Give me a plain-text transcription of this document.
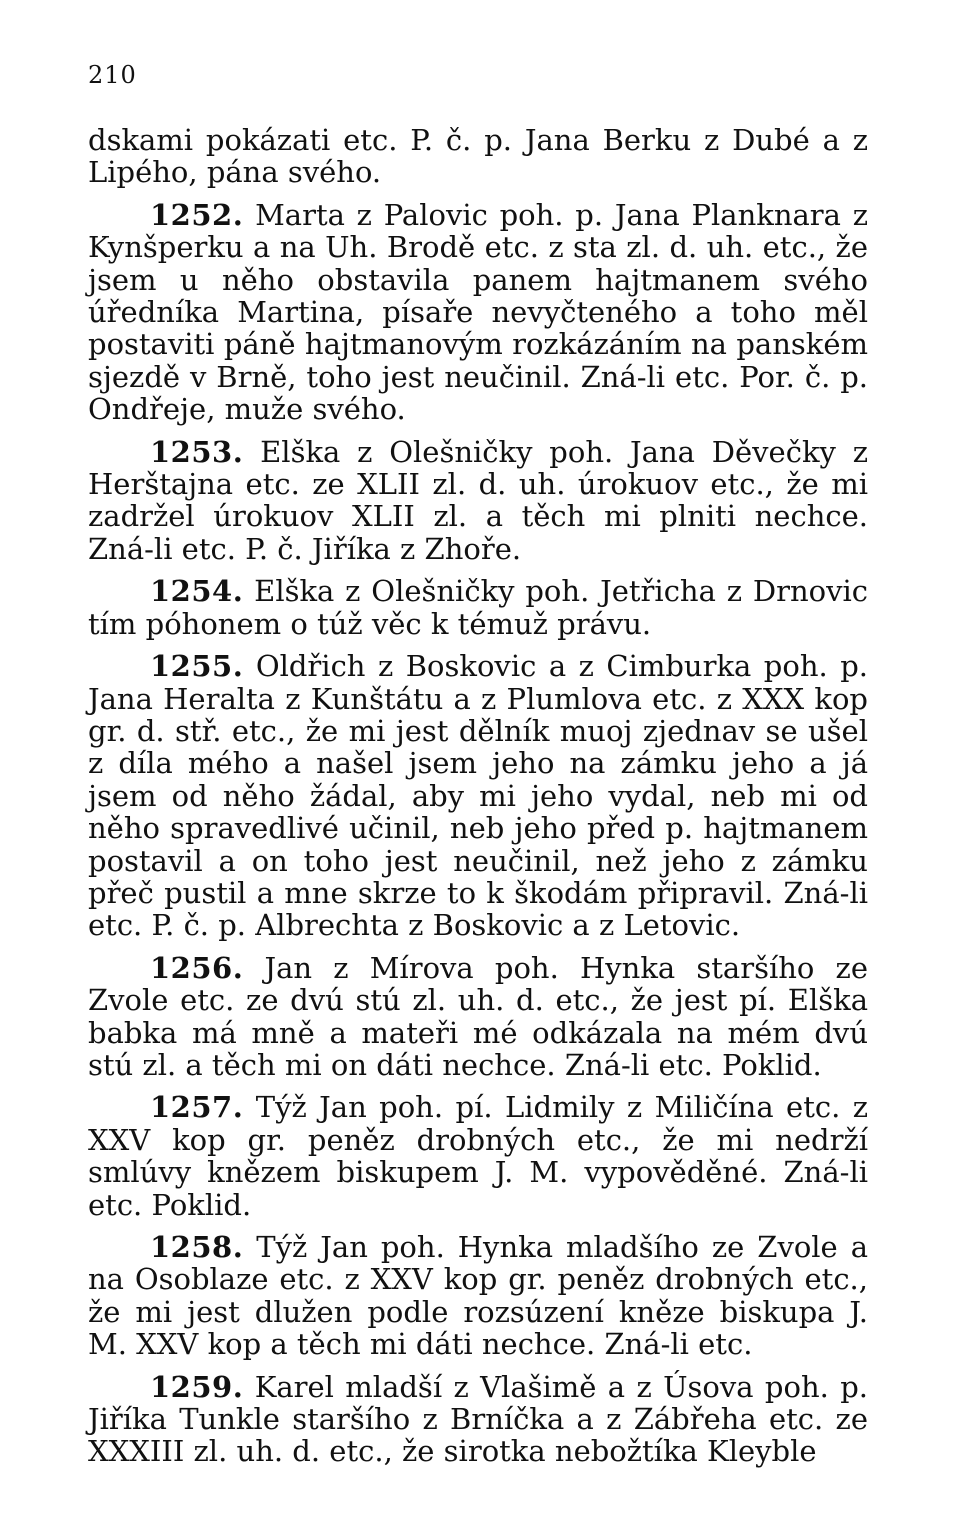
210

dskami pokázati etc. P. č. p. Jana Berku z Dubé a z Lipého, pána svého.

1252. Marta z Palovic poh. p. Jana Planknara z Kynšperku a na Uh. Brodě etc. z sta zl. d. uh. etc., že jsem u něho obstavila panem hajtmanem svého úředníka Martina, písaře nevyčteného a toho měl postaviti páně hajtmanovým rozkázáním na panském sjezdě v Brně, toho jest neučinil. Zná-li etc. Por. č. p. Ondřeje, muže svého.

1253. Elška z Olešničky poh. Jana Děvečky z Herštajna etc. ze XLII zl. d. uh. úrokuov etc., že mi zadržel úrokuov XLII zl. a těch mi plniti nechce. Zná-li etc. P. č. Jiříka z Zhoře.

1254. Elška z Olešničky poh. Jetřicha z Drnovic tím póhonem o túž věc k témuž právu.

1255. Oldřich z Boskovic a z Cimburka poh. p. Jana Heralta z Kunštátu a z Plumlova etc. z XXX kop gr. d. stř. etc., že mi jest dělník muoj zjednav se ušel z díla mého a našel jsem jeho na zámku jeho a já jsem od něho žádal, aby mi jeho vydal, neb mi od něho spravedlivé učinil, neb jeho před p. hajtmanem postavil a on toho jest neučinil, než jeho z zámku přeč pustil a mne skrze to k škodám připravil. Zná-li etc. P. č. p. Albrechta z Boskovic a z Letovic.

1256. Jan z Mírova poh. Hynka staršího ze Zvole etc. ze dvú stú zl. uh. d. etc., že jest pí. Elška babka má mně a mateři mé odkázala na mém dvú stú zl. a těch mi on dáti nechce. Zná-li etc. Poklid.

1257. Týž Jan poh. pí. Lidmily z Miličína etc. z XXV kop gr. peněz drobných etc., že mi nedrží smlúvy knězem biskupem J. M. vypověděné. Zná-li etc. Poklid.

1258. Týž Jan poh. Hynka mladšího ze Zvole a na Osoblaze etc. z XXV kop gr. peněz drobných etc., že mi jest dlužen podle rozsúzení kněze biskupa J. M. XXV kop a těch mi dáti nechce. Zná-li etc.

1259. Karel mladší z Vlašimě a z Úsova poh. p. Jiříka Tunkle staršího z Brníčka a z Zábřeha etc. ze XXXIII zl. uh. d. etc., že sirotka nebožtíka Kleyble
